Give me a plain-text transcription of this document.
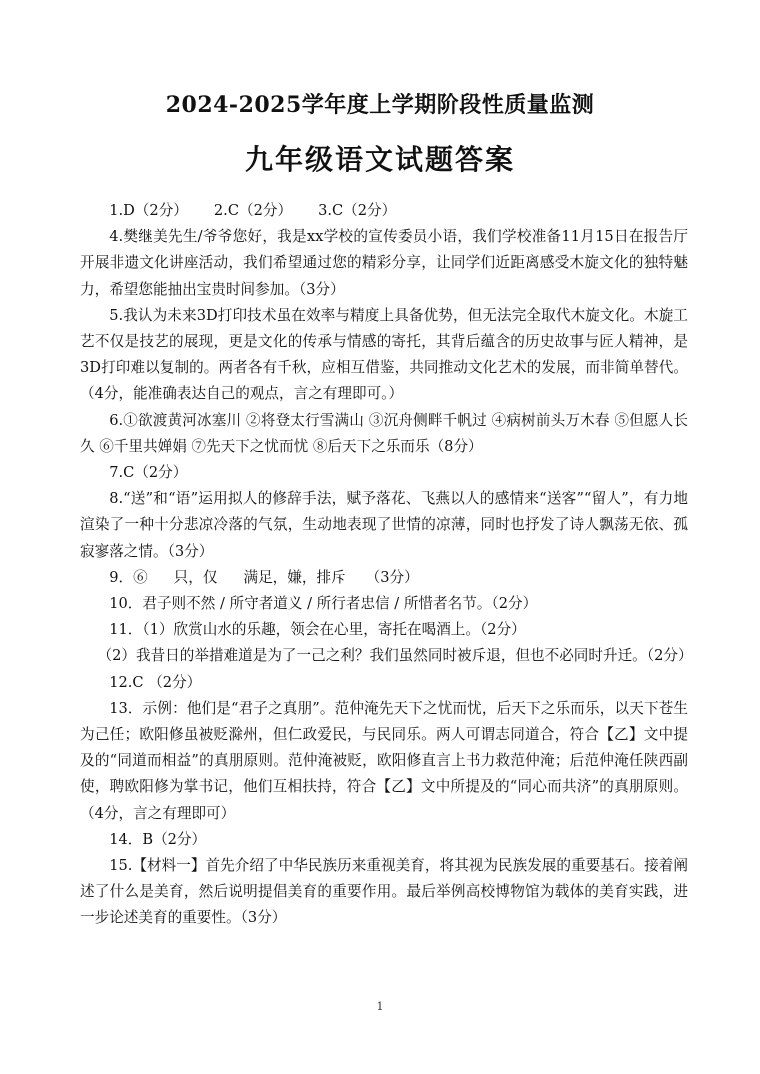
2024-2025学年度上学期阶段性质量监测
九年级语文试题答案

1.D（2分） 2.C（2分） 3.C（2分）

4.樊继美先生/爷爷您好，我是xx学校的宣传委员小语，我们学校准备11月15日在报告厅开展非遗文化讲座活动，我们希望通过您的精彩分享，让同学们近距离感受木旋文化的独特魅力，希望您能抽出宝贵时间参加。（3分）

5.我认为未来3D打印技术虽在效率与精度上具备优势，但无法完全取代木旋文化。木旋工艺不仅是技艺的展现，更是文化的传承与情感的寄托，其背后蕴含的历史故事与匠人精神，是3D打印难以复制的。两者各有千秋，应相互借鉴，共同推动文化艺术的发展，而非简单替代。（4分，能准确表达自己的观点，言之有理即可。）

6.①欲渡黄河冰塞川 ②将登太行雪满山 ③沉舟侧畔千帆过 ④病树前头万木春 ⑤但愿人长久 ⑥千里共婵娟 ⑦先天下之忧而忧 ⑧后天下之乐而乐（8分）

7.C（2分）

8.“送”和“语”运用拟人的修辞手法，赋予落花、飞燕以人的感情来“送客”“留人”，有力地渲染了一种十分悲凉冷落的气氛，生动地表现了世情的凉薄，同时也抒发了诗人飘荡无依、孤寂寥落之情。（3分）

9．⑥ 只，仅 满足，嫌，排斥 （3分）

10．君子则不然 / 所守者道义 / 所行者忠信 / 所惜者名节。（2分）

11．（1）欣赏山水的乐趣，领会在心里，寄托在喝酒上。（2分）

（2）我昔日的举措难道是为了一己之利？我们虽然同时被斥退，但也不必同时升迁。（2分）

12.C （2分）

13．示例：他们是“君子之真朋”。范仲淹先天下之忧而忧，后天下之乐而乐，以天下苍生为己任；欧阳修虽被贬滁州，但仁政爱民，与民同乐。两人可谓志同道合，符合【乙】文中提及的“同道而相益”的真朋原则。范仲淹被贬，欧阳修直言上书力救范仲淹；后范仲淹任陕西副使，聘欧阳修为掌书记，他们互相扶持，符合【乙】文中所提及的“同心而共济”的真朋原则。（4分，言之有理即可）

14．B（2分）

15.【材料一】首先介绍了中华民族历来重视美育，将其视为民族发展的重要基石。接着阐述了什么是美育，然后说明提倡美育的重要作用。最后举例高校博物馆为载体的美育实践，进一步论述美育的重要性。（3分）

1
